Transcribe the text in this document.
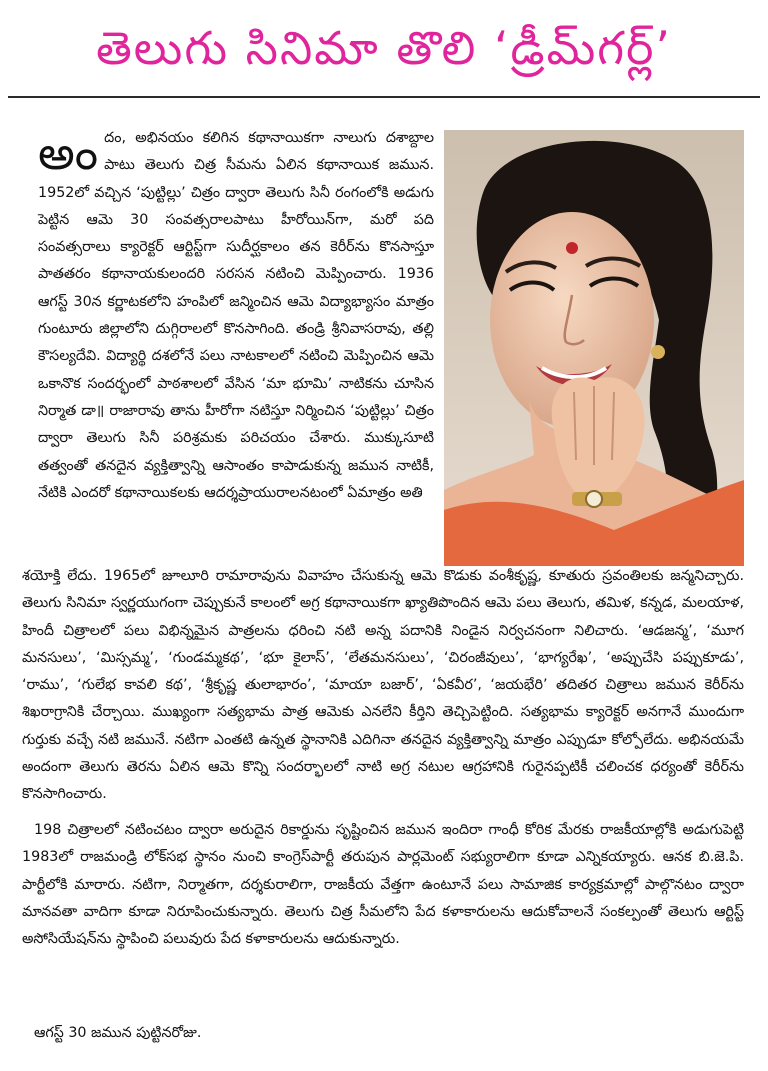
తెలుగు సినిమా తొలి ‘డ్రీమ్‌గర్ల్‌’

అందం, అభినయం కలిగిన కథానాయికగా నాలుగు దశాబ్దాల పాటు తెలుగు చిత్ర సీమను ఏలిన కథానాయిక జమున. 1952లో వచ్చిన ‘పుట్టిల్లు’ చిత్రం ద్వారా తెలుగు సినీ రంగంలోకి అడుగు పెట్టిన ఆమె 30 సంవత్సరాలపాటు హీరోయిన్‌గా, మరో పది సంవత్సరాలు క్యారెక్టర్ ఆర్టిస్ట్‌గా సుదీర్ఘకాలం తన కెరీర్‌ను కొనసాస్తూ పాతతరం కథానాయకులందరి సరసన నటించి మెప్పించారు. 1936 ఆగస్ట్ 30న కర్ణాటకలోని హంపిలో జన్మించిన ఆమె విద్యాభ్యాసం మాత్రం గుంటూరు జిల్లాలోని దుగ్గిరాలలో కొనసాగింది. తండ్రి శ్రీనివాసరావు, తల్లి కౌసల్యదేవి. విద్యార్థి దశలోనే పలు నాటకాలలో నటించి మెప్పించిన ఆమె ఒకానొక సందర్భంలో పాఠశాలలో వేసిన ‘మా భూమి’ నాటికను చూసిన నిర్మాత డా॥ రాజారావు తాను హీరోగా నటిస్తూ నిర్మించిన ‘పుట్టిల్లు’ చిత్రం ద్వారా తెలుగు సినీ పరిశ్రమకు పరిచయం చేశారు. ముక్కుసూటి తత్వంతో తనదైన వ్యక్తిత్వాన్ని ఆసాంతం కాపాడుకున్న జమున నాటికీ, నేటికి ఎందరో కథానాయికలకు ఆదర్శప్రాయురాలనటంలో ఏమాత్రం అతి

శయోక్తి లేదు. 1965లో జూలూరి రామారావును వివాహం చేసుకున్న ఆమె కొడుకు వంశీకృష్ణ, కూతురు స్రవంతిలకు జన్మనిచ్చారు. తెలుగు సినిమా స్వర్ణయుగంగా చెప్పుకునే కాలంలో అగ్ర కథానాయికగా ఖ్యాతిపొందిన ఆమె పలు తెలుగు, తమిళ, కన్నడ, మలయాళ, హిందీ చిత్రాలలో పలు విభిన్నమైన పాత్రలను ధరించి నటి అన్న పదానికి నిండైన నిర్వచనంగా నిలిచారు. ‘ఆడజన్మ’, ‘మూగ మనసులు’, ‘మిస్సమ్మ’, ‘గుండమ్మకథ’, ‘భూ కైలాస్’, ‘లేతమనసులు’, ‘చిరంజీవులు’, ‘భాగ్యరేఖ’, ‘అప్పుచేసి పప్పుకూడు’, ‘రాము’, ‘గులేభ కావలి కథ’, ‘శ్రీకృష్ణ తులాభారం’, ‘మాయా బజార్’, ‘ఏకవీర’, ‘జయభేరి’ తదితర చిత్రాలు జమున కెరీర్‌ను శిఖరాగ్రానికి చేర్చాయి. ముఖ్యంగా సత్యభామ పాత్ర ఆమెకు ఎనలేని కీర్తిని తెచ్చిపెట్టింది. సత్యభామ క్యారెక్టర్ అనగానే ముందుగా గుర్తుకు వచ్చే నటి జమునే. నటిగా ఎంతటి ఉన్నత స్థానానికి ఎదిగినా తనదైన వ్యక్తిత్వాన్ని మాత్రం ఎప్పుడూ కోల్పోలేదు. అభినయమే అందంగా తెలుగు తెరను ఏలిన ఆమె కొన్ని సందర్భాలలో నాటి అగ్ర నటుల ఆగ్రహానికి గురైనప్పటికీ చలించక ధర్యంతో కెరీర్‌ను కొనసాగించారు.

198 చిత్రాలలో నటించటం ద్వారా అరుదైన రికార్డును సృష్టించిన జమున ఇందిరా గాంధీ కోరిక మేరకు రాజకీయాల్లోకి అడుగుపెట్టి 1983లో రాజమండ్రి లోక్‌సభ స్థానం నుంచి కాంగ్రెస్‌పార్టీ తరుపున పార్లమెంట్ సభ్యురాలిగా కూడా ఎన్నికయ్యారు. ఆనక బి.జె.పి. పార్టీలోకి మారారు. నటిగా, నిర్మాతగా, దర్శకురాలిగా, రాజకీయ వేత్తగా ఉంటూనే పలు సామాజిక కార్యక్రమాల్లో పాల్గొనటం ద్వారా మానవతా వాదిగా కూడా నిరూపించుకున్నారు. తెలుగు చిత్ర సీమలోని పేద కళాకారులను ఆదుకోవాలనే సంకల్పంతో తెలుగు ఆర్టిస్ట్ అసోసియేషన్‌ను స్థాపించి పలువురు పేద కళాకారులను ఆదుకున్నారు.

ఆగస్ట్ 30 జమున పుట్టినరోజు.
